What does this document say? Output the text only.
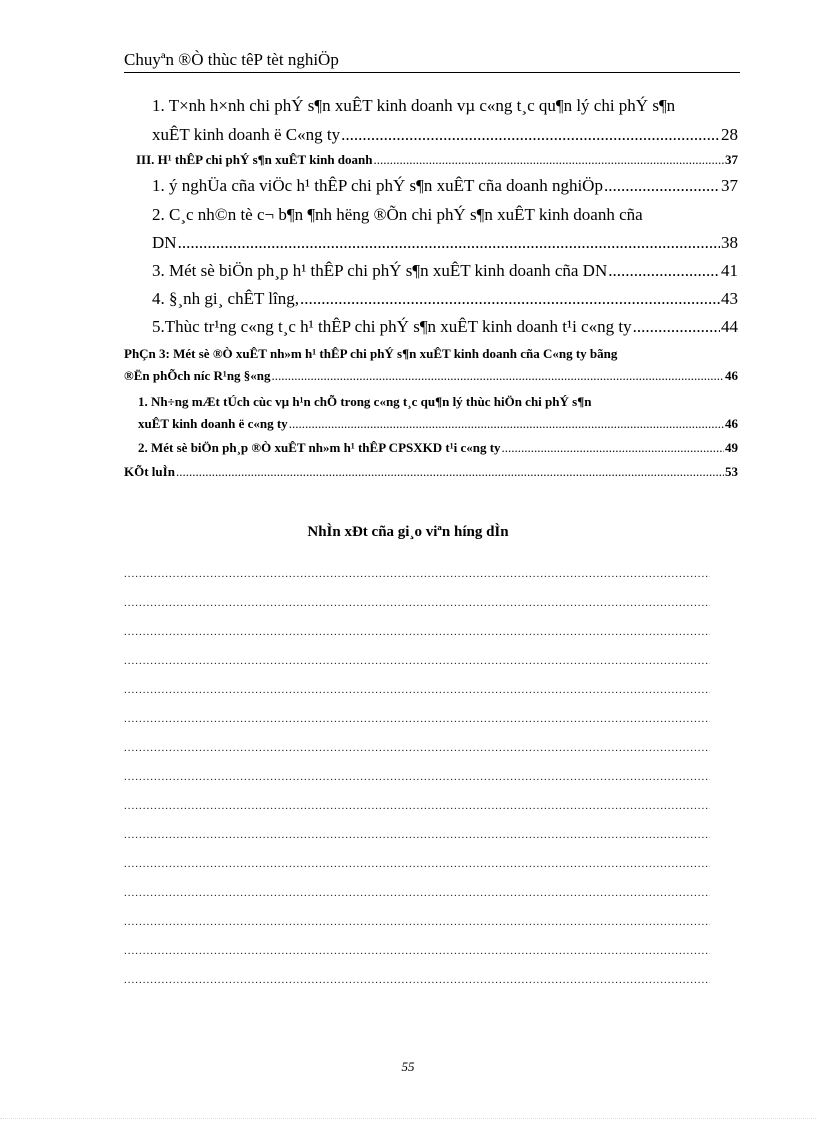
Chuyªn ®Ò thùc têP tèt nghiÖp
1. T×nh h×nh chi phÝ s¶n xuÊT kinh doanh vµ c«ng t¸c qu¶n lý chi phÝ s¶n
xuÊT kinh doanh ë C«ng ty .....	28
III. H¹ thÊP chi phÝ s¶n xuÊT kinh doanh .....	37
1. ý nghÜa cña viÖc h¹ thÊP chi phÝ s¶n xuÊT cña doanh nghiÖp .....	37
2. C¸c nh©n tè c¬ b¶n ¶nh hëng ®Õn chi phÝ s¶n xuÊT kinh doanh cña
DN .....	38
3. Mét sè biÖn ph¸p h¹ thÊP chi phÝ s¶n xuÊT kinh doanh cña DN .....	41
4. §¸nh gi¸ chÊT lîng, .....	43
5.Thùc tr¹ng c«ng t¸c h¹ thÊP chi phÝ s¶n xuÊT kinh doanh t¹i c«ng ty .....	44
PhÇn 3: Mét sè ®Ò xuÊT nh»m h¹ thÊP chi phÝ s¶n xuÊT kinh doanh cña C«ng ty bãng
®Ën phÕch níc R¹ng §«ng .....	46
1. Nh÷ng mÆt tÚch cùc vµ h¹n chÕ trong c«ng t¸c qu¶n lý thùc hiÖn chi phÝ s¶n
xuÊT kinh doanh ë c«ng ty .....	46
2. Mét sè biÖn ph¸p ®Ò xuÊT nh»m h¹ thÊP CPSXKD t¹i c«ng ty .....	49
KÕt luÌn .....	53
NhÌn xÐt cña gi¸o viªn híng dÌn
.....
.....
.....
.....
.....
.....
.....
.....
.....
.....
.....
.....
.....
.....
.....
55
